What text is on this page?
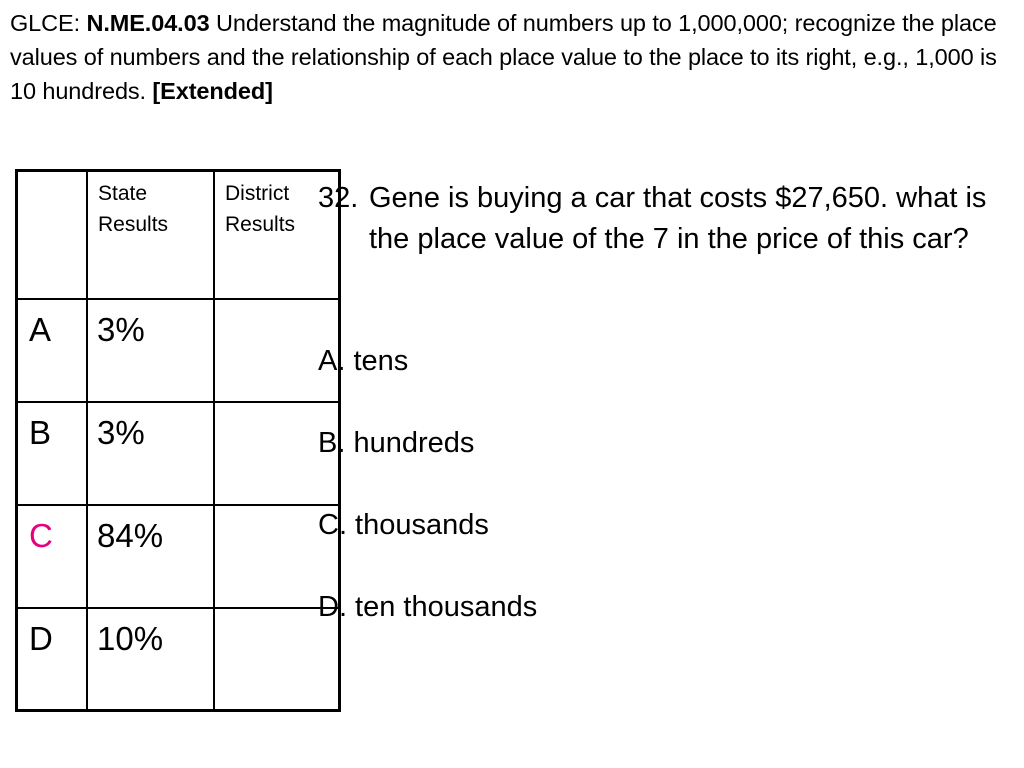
GLCE: N.ME.04.03 Understand the magnitude of numbers up to 1,000,000; recognize the place values of numbers and the relationship of each place value to the place to its right, e.g., 1,000 is 10 hundreds. [Extended]
	State Results	District Results
A	3%	
B	3%	
C	84%	
D	10%	
32. Gene is buying a car that costs $27,650. what is the place value of the 7 in the price of this car?
A. tens
B. hundreds
C. thousands
D. ten thousands
